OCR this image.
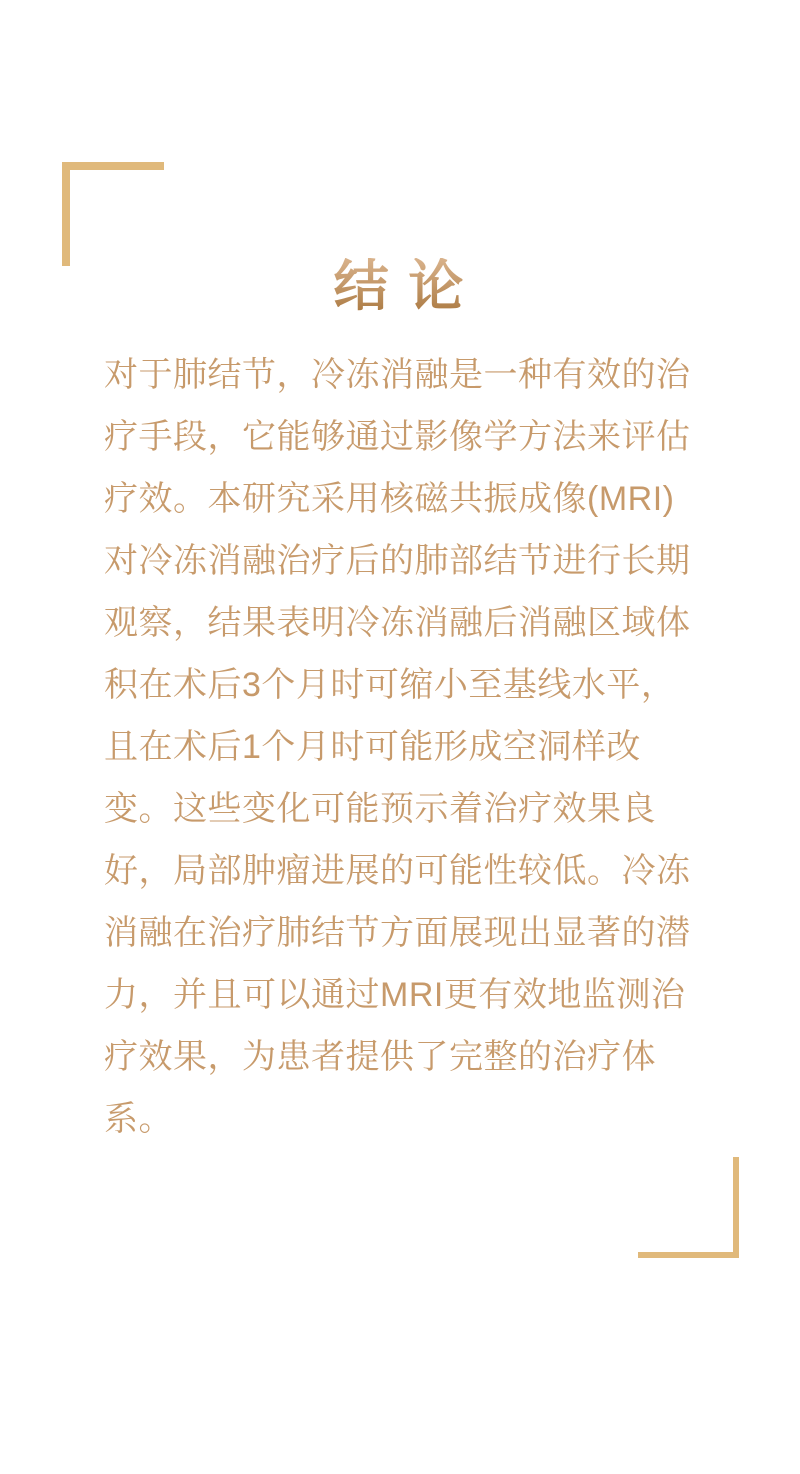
结 论
对于肺结节，冷冻消融是一种有效的治
疗手段，它能够通过影像学方法来评估
疗效。本研究采用核磁共振成像(MRI)
对冷冻消融治疗后的肺部结节进行长期
观察，结果表明冷冻消融后消融区域体
积在术后3个月时可缩小至基线水平，
且在术后1个月时可能形成空洞样改
变。这些变化可能预示着治疗效果良
好，局部肿瘤进展的可能性较低。冷冻
消融在治疗肺结节方面展现出显著的潜
力，并且可以通过MRI更有效地监测治
疗效果，为患者提供了完整的治疗体
系。
